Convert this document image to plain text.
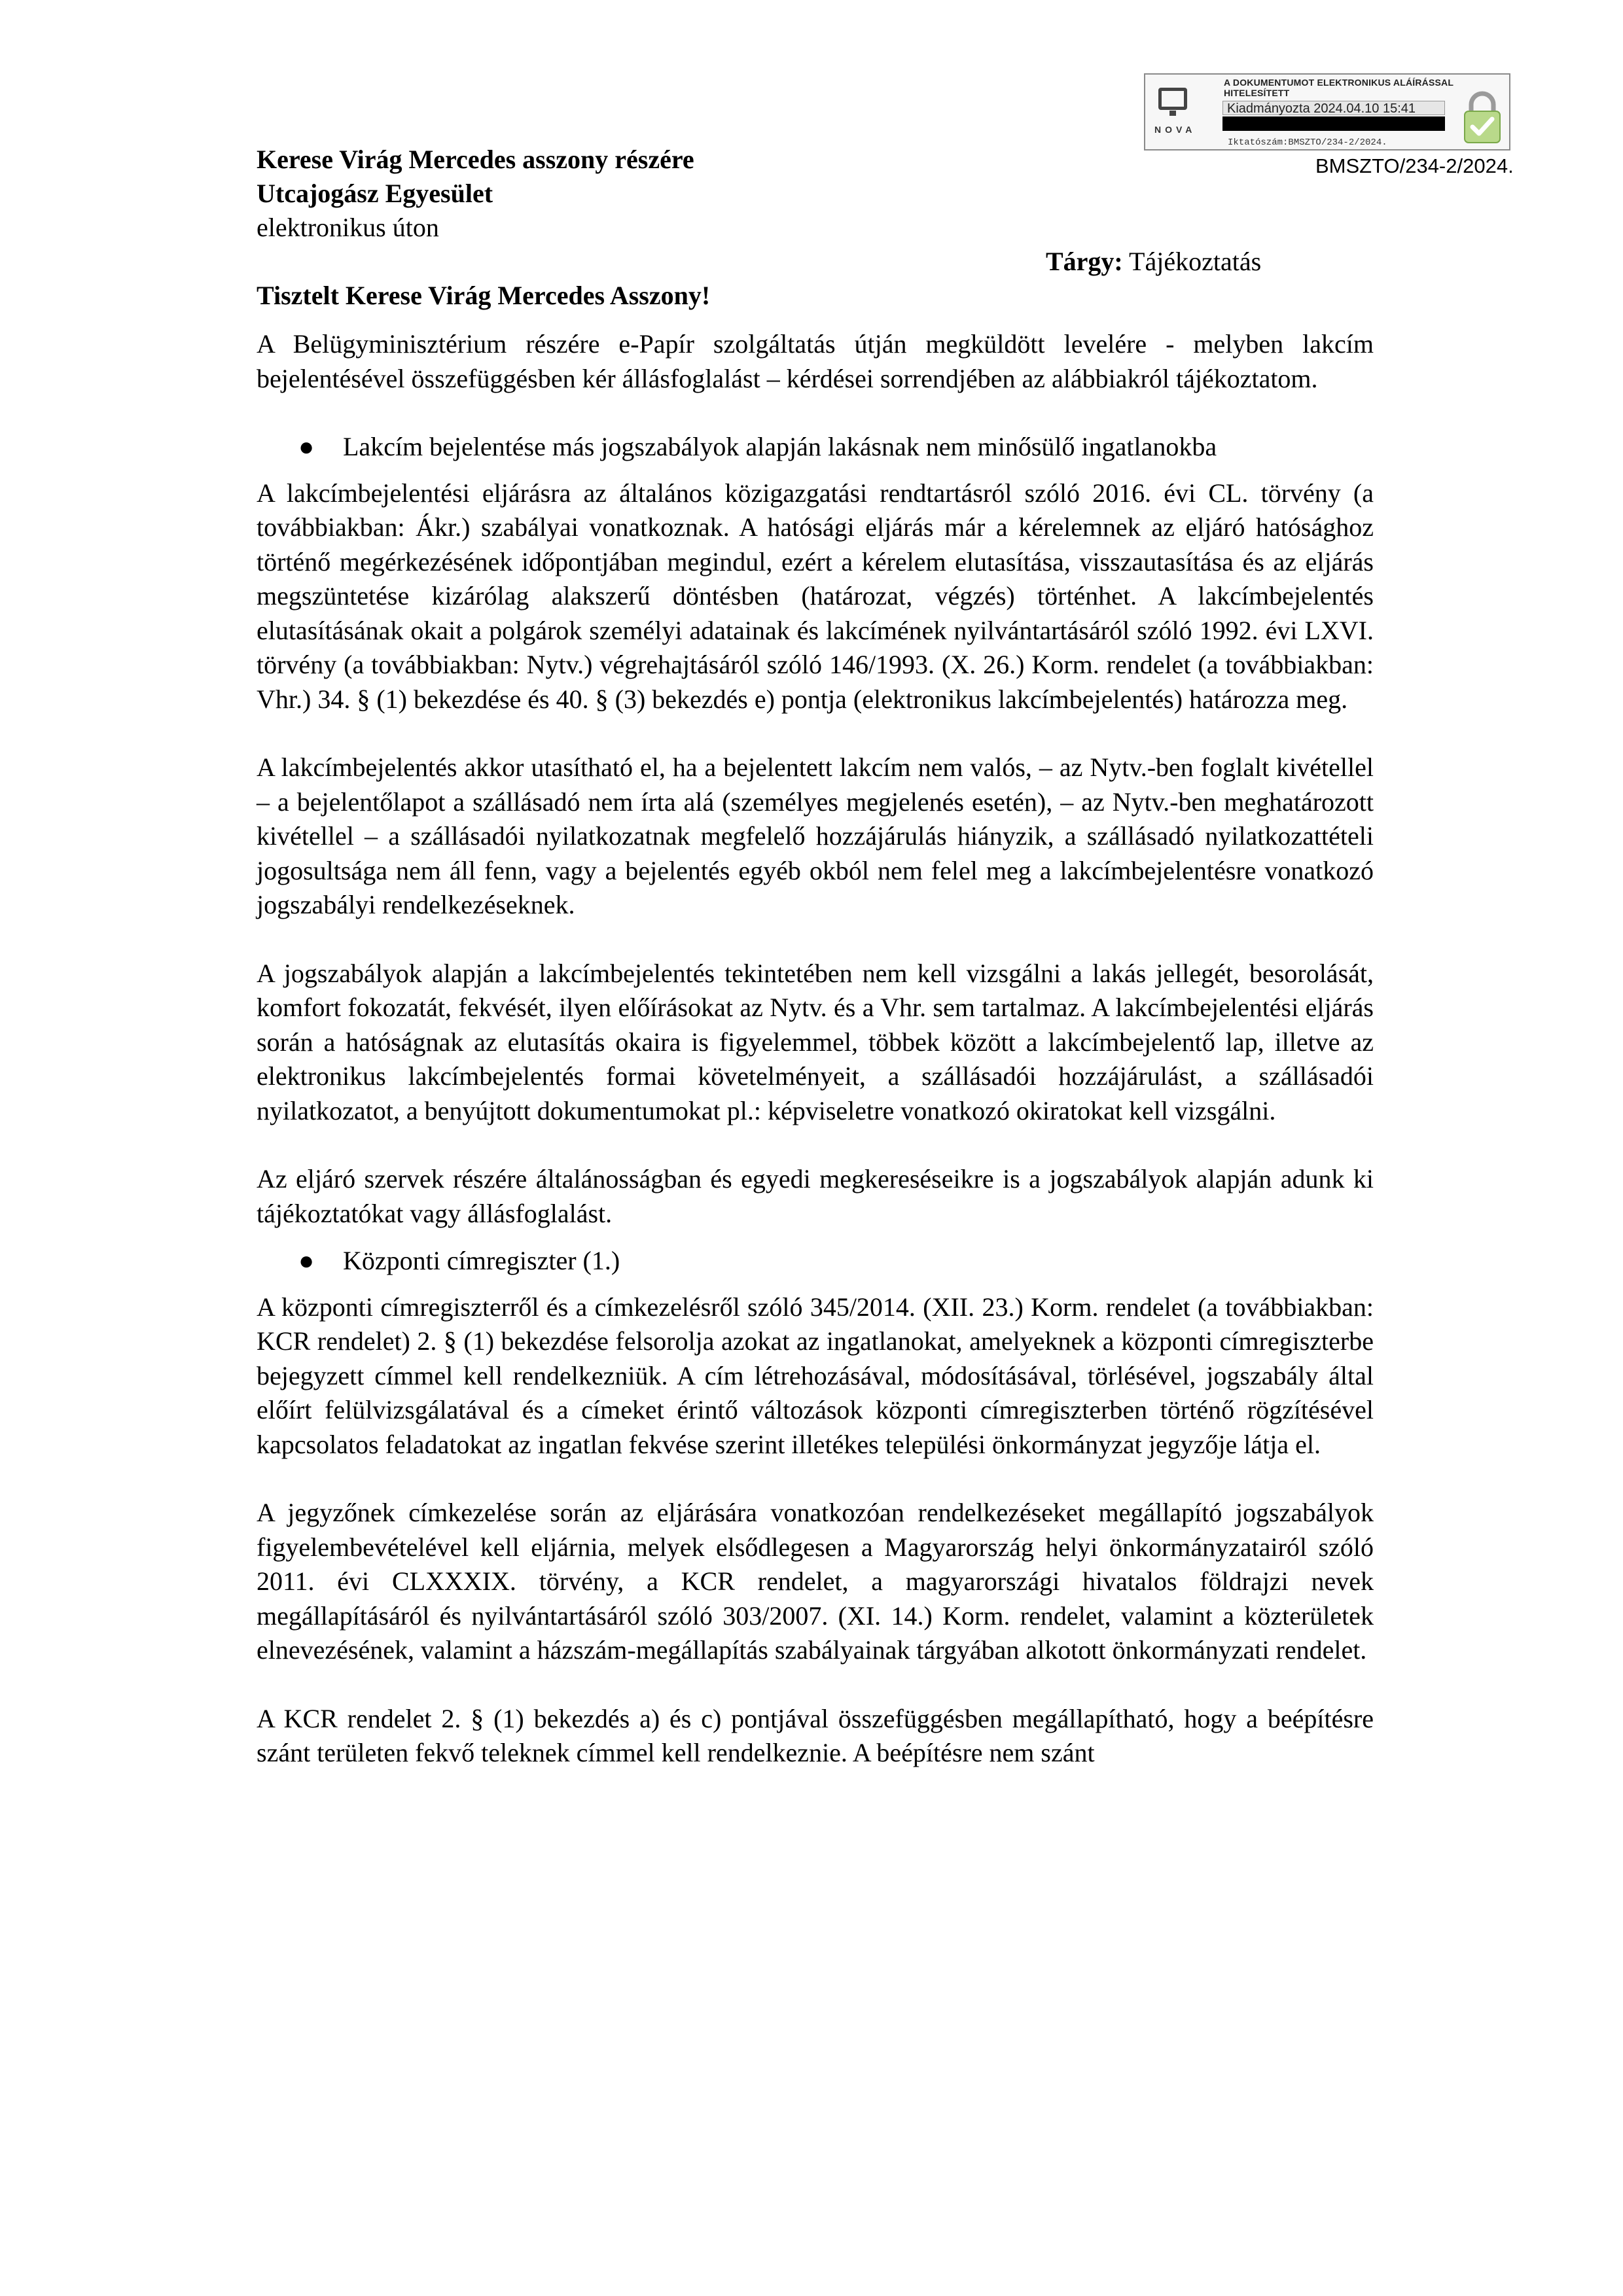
NOVA
A DOKUMENTUMOT ELEKTRONIKUS ALÁÍRÁSSAL HITELESÍTETT
Kiadmányozta 2024.04.10 15:41
Iktatószám:BMSZTO/234-2/2024.
BMSZTO/234-2/2024.
Kerese Virág Mercedes asszony részére
Utcajogász Egyesület
elektronikus úton
Tárgy: Tájékoztatás
Tisztelt Kerese Virág Mercedes Asszony!

A Belügyminisztérium részére e-Papír szolgáltatás útján megküldött levelére - melyben lakcím bejelentésével összefüggésben kér állásfoglalást – kérdései sorrendjében az alábbiakról tájékoztatom.

● Lakcím bejelentése más jogszabályok alapján lakásnak nem minősülő ingatlanokba

A lakcímbejelentési eljárásra az általános közigazgatási rendtartásról szóló 2016. évi CL. törvény (a továbbiakban: Ákr.) szabályai vonatkoznak. A hatósági eljárás már a kérelemnek az eljáró hatósághoz történő megérkezésének időpontjában megindul, ezért a kérelem elutasítása, visszautasítása és az eljárás megszüntetése kizárólag alakszerű döntésben (határozat, végzés) történhet. A lakcímbejelentés elutasításának okait a polgárok személyi adatainak és lakcímének nyilvántartásáról szóló 1992. évi LXVI. törvény (a továbbiakban: Nytv.) végrehajtásáról szóló 146/1993. (X. 26.) Korm. rendelet (a továbbiakban: Vhr.) 34. § (1) bekezdése és 40. § (3) bekezdés e) pontja (elektronikus lakcímbejelentés) határozza meg.

A lakcímbejelentés akkor utasítható el, ha a bejelentett lakcím nem valós, – az Nytv.-ben foglalt kivétellel – a bejelentőlapot a szállásadó nem írta alá (személyes megjelenés esetén), – az Nytv.-ben meghatározott kivétellel – a szállásadói nyilatkozatnak megfelelő hozzájárulás hiányzik, a szállásadó nyilatkozattételi jogosultsága nem áll fenn, vagy a bejelentés egyéb okból nem felel meg a lakcímbejelentésre vonatkozó jogszabályi rendelkezéseknek.

A jogszabályok alapján a lakcímbejelentés tekintetében nem kell vizsgálni a lakás jellegét, besorolását, komfort fokozatát, fekvését, ilyen előírásokat az Nytv. és a Vhr. sem tartalmaz. A lakcímbejelentési eljárás során a hatóságnak az elutasítás okaira is figyelemmel, többek között a lakcímbejelentő lap, illetve az elektronikus lakcímbejelentés formai követelményeit, a szállásadói hozzájárulást, a szállásadói nyilatkozatot, a benyújtott dokumentumokat pl.: képviseletre vonatkozó okiratokat kell vizsgálni.

Az eljáró szervek részére általánosságban és egyedi megkereséseikre is a jogszabályok alapján adunk ki tájékoztatókat vagy állásfoglalást.

● Központi címregiszter (1.)

A központi címregiszterről és a címkezelésről szóló 345/2014. (XII. 23.) Korm. rendelet (a továbbiakban: KCR rendelet) 2. § (1) bekezdése felsorolja azokat az ingatlanokat, amelyeknek a központi címregiszterbe bejegyzett címmel kell rendelkezniük. A cím létrehozásával, módosításával, törlésével, jogszabály által előírt felülvizsgálatával és a címeket érintő változások központi címregiszterben történő rögzítésével kapcsolatos feladatokat az ingatlan fekvése szerint illetékes települési önkormányzat jegyzője látja el.

A jegyzőnek címkezelése során az eljárására vonatkozóan rendelkezéseket megállapító jogszabályok figyelembevételével kell eljárnia, melyek elsődlegesen a Magyarország helyi önkormányzatairól szóló 2011. évi CLXXXIX. törvény, a KCR rendelet, a magyarországi hivatalos földrajzi nevek megállapításáról és nyilvántartásáról szóló 303/2007. (XI. 14.) Korm. rendelet, valamint a közterületek elnevezésének, valamint a házszám-megállapítás szabályainak tárgyában alkotott önkormányzati rendelet.

A KCR rendelet 2. § (1) bekezdés a) és c) pontjával összefüggésben megállapítható, hogy a beépítésre szánt területen fekvő teleknek címmel kell rendelkeznie. A beépítésre nem szánt
